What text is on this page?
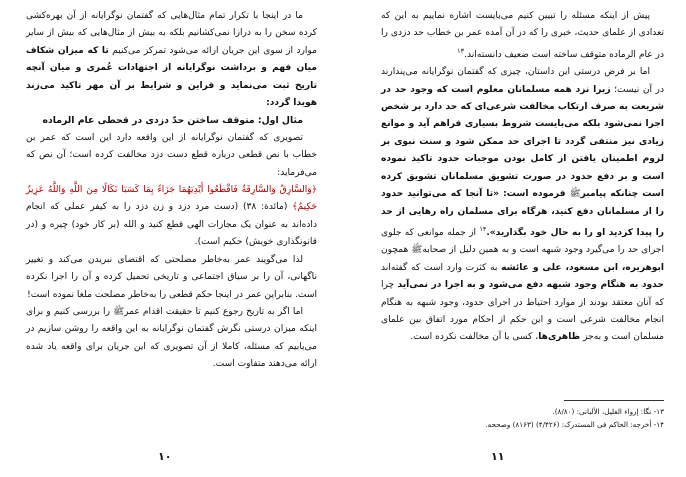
پیش از اینکه مسئله را تبیین کنیم می‌بایست اشاره نماییم به این که تعدادی از علمای حدیث، خبری را که در آن آمده عمر بن خطاب حد دزدی را در عام الرماده متوقف ساخته است ضعیف دانسته‌اند.$^{۱۳}$

اما بر فرض درستی این داستان، چیزی که گفتمان نوگرایانه می‌پندارند در آن نیست؛ زیرا نزد همه مسلمانان معلوم است که وجود حد در شریعت به صرف ارتکاب مخالفت شرعی‌ای که حد دارد بر شخص اجرا نمی‌شود بلکه می‌بایست شروط بسیاری فراهم آید و موانع زیادی نیز منتفی گردد تا اجرای حد ممکن شود و سنت نبوی بر لزوم اطمینان یافتن از کامل بودن موجبات حدود تاکید نموده است و بر دفع حدود در صورت تشویق مسلمانان تشویق کرده است چنانکه پیامبرﷺ فرموده است: «تا آنجا که می‌توانید حدود را از مسلمانان دفع کنید، هرگاه برای مسلمان راه رهایی از حد را پیدا کردید او را به حال خود بگذارید».$^{۱۴}$ از جمله موانعی که جلوی اجرای حد را می‌گیرد وجود شبهه است و به همین دلیل از صحابهﷺ همچون ابوهریره، ابن مسعود، علی و عائشه به کثرت وارد است که گفته‌اند حدود به هنگام وجود شبهه دفع می‌شود و به اجرا در نمی‌آید چرا که آنان معتقد بودند از موارد احتیاط در اجرای حدود، وجود شبهه به هنگام انجام مخالفت شرعی است و این حکم از احکام مورد اتفاق بین علمای مسلمان است و به‌جز ظاهری‌ها، کسی با آن مخالفت نکرده است.

۱۳- نگا: إرواء الغلیل، الألبانی: (۸/۸۰).
۱۴- أخرجه: الحاکم فی المستدرک: (۴/۴۲۶) (۸۱۶۳) وصححه.
۱۱

ما در اینجا با تکرار تمام مثال‌هایی که گفتمان نوگرایانه از آن بهره‌کشی کرده سخن را به درازا نمی‌کشانیم بلکه به بیش از مثال‌هایی که بیش از سایر موارد از سوی این جریان ارائه می‌شود تمرکز می‌کنیم تا که میزان شکاف میان فهم و برداشت نوگرایانه از اجتهادات عُمری و میان آنچه تاریخ ثبت می‌نماید و قراین و شرایط بر آن مهر تاکید می‌زند هویدا گردد:

مثال اول: متوقف ساختن حدّ دزدی در قحطی عام الرماده

تصویری که گفتمان نوگرایانه از این واقعه دارد این است که عمر بن خطاب با نص قطعی درباره قطع دست دزد مخالفت کرده است؛ آن نص که می‌فرماید:

﴿وَالسَّارِقُ وَالسَّارِقَةُ فَاقْطَعُوا أَيْدِيَهُمَا جَزَاءً بِمَا كَسَبَا نَكَالًا مِنَ اللَّهِ وَاللَّهُ عَزِيزٌ حَكِيمٌ﴾ (مائدة: ۳۸) (دست مرد دزد و زن دزد را به کیفر عملی که انجام داده‌اند به عنوان یک مجازات الهی قطع کنید و الله (بر کار خود) چیره و (در قانونگذاری خویش) حکیم است).

لذا می‌گویند عمر به‌خاطر مصلحتی که اقتضای نبریدن می‌کند و تغییر ناگهانی، آن را بر سیاق اجتماعی و تاریخی تحمیل کرده و آن را اجرا نکرده است. بنابراین عمر در اینجا حکم قطعی را به‌خاطر مصلحت ملغا نموده است!

اما اگر به تاریخ رجوع کنیم تا حقیقت اقدام عمرﷺ را بررسی کنیم و برای اینکه میزان درستی نگرش گفتمان نوگرایانه به این واقعه را روشن سازیم در می‌یابیم که مسئله، کاملا از آن تصویری که این جریان برای واقعه یاد شده ارائه می‌دهند متفاوت است.

۱۰
